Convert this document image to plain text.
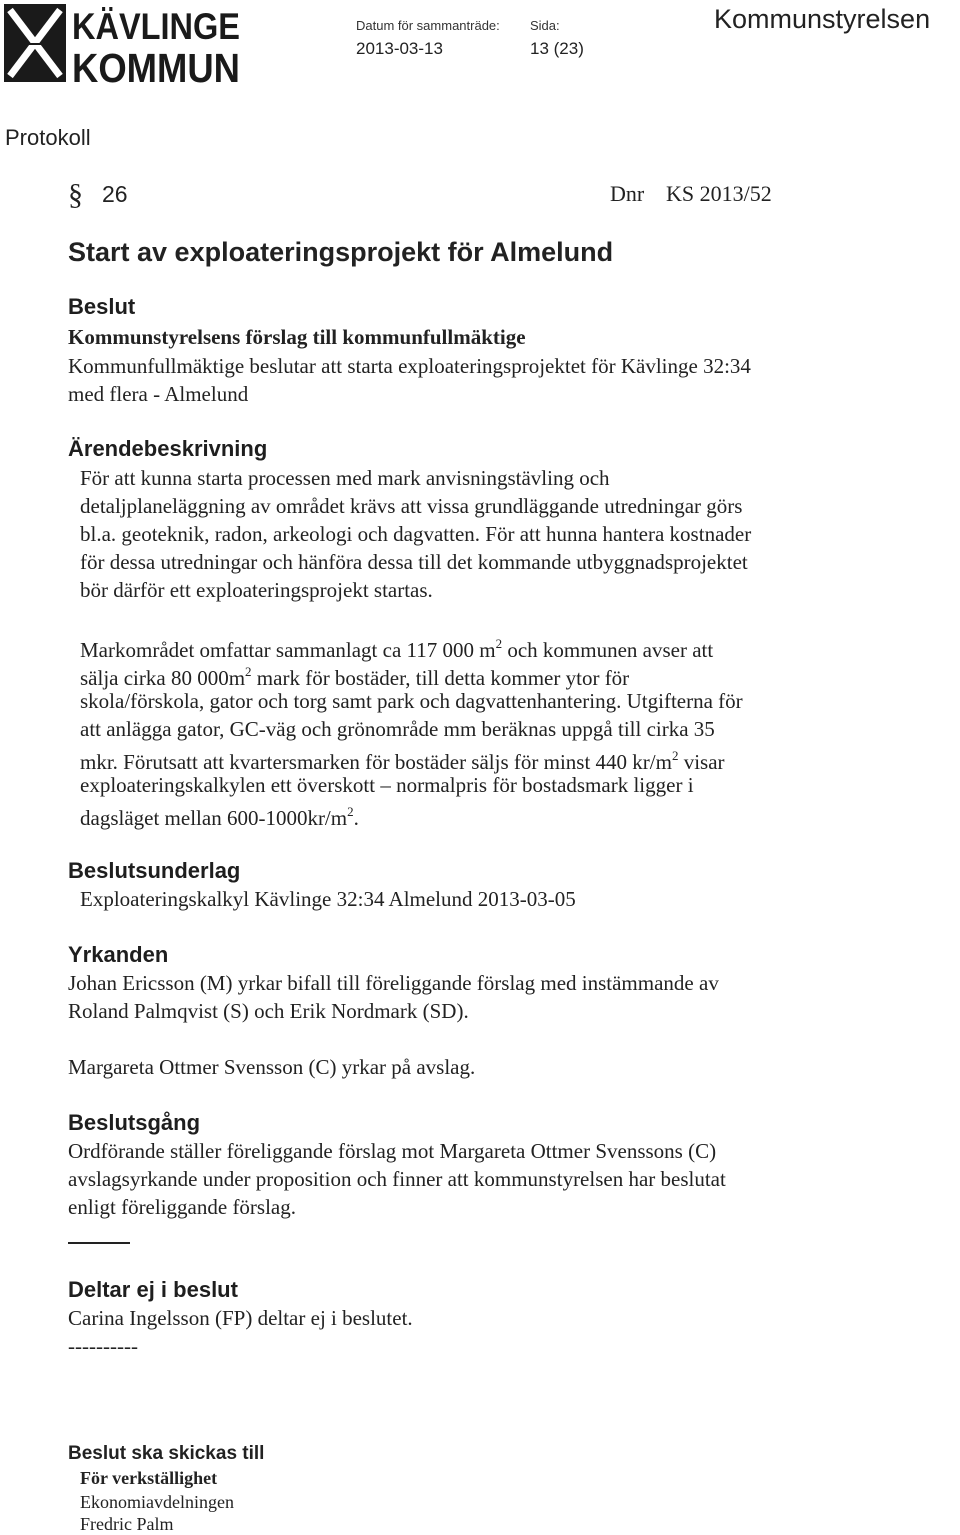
KÄVLINGE
KOMMUN
Datum för sammanträde: Sida:
2013-03-13	13 (23)
Kommunstyrelsen
Protokoll
§ 26	Dnr KS 2013/52
Start av exploateringsprojekt för Almelund
Beslut
Kommunstyrelsens förslag till kommunfullmäktige
Kommunfullmäktige beslutar att starta exploateringsprojektet för Kävlinge 32:34
med flera - Almelund
Ärendebeskrivning
För att kunna starta processen med mark anvisningstävling och
detaljplaneläggning av området krävs att vissa grundläggande utredningar görs
bl.a. geoteknik, radon, arkeologi och dagvatten. För att hunna hantera kostnader
för dessa utredningar och hänföra dessa till det kommande utbyggnadsprojektet
bör därför ett exploateringsprojekt startas.
Markområdet omfattar sammanlagt ca 117 000 $m^2$ och kommunen avser att
sälja cirka 80 $000m^2$ mark för bostäder, till detta kommer ytor för
skola/förskola, gator och torg samt park och dagvattenhantering. Utgifterna för
att anlägga gator, GC-väg och grönområde mm beräknas uppgå till cirka 35
mkr. Förutsatt att kvartersmarken för bostäder säljs för minst 440 $kr/m^2$ visar
exploateringskalkylen ett överskott – normalpris för bostadsmark ligger i
dagsläget mellan $600-1000kr/m^2$.
Beslutsunderlag
Exploateringskalkyl Kävlinge 32:34 Almelund 2013-03-05
Yrkanden
Johan Ericsson (M) yrkar bifall till föreliggande förslag med instämmande av
Roland Palmqvist (S) och Erik Nordmark (SD).
Margareta Ottmer Svensson (C) yrkar på avslag.
Beslutsgång
Ordförande ställer föreliggande förslag mot Margareta Ottmer Svenssons (C)
avslagsyrkande under proposition och finner att kommunstyrelsen har beslutat
enligt föreliggande förslag.
Deltar ej i beslut
Carina Ingelsson (FP) deltar ej i beslutet.
----------
Beslut ska skickas till
För verkställighet
Ekonomiavdelningen
Fredric Palm
